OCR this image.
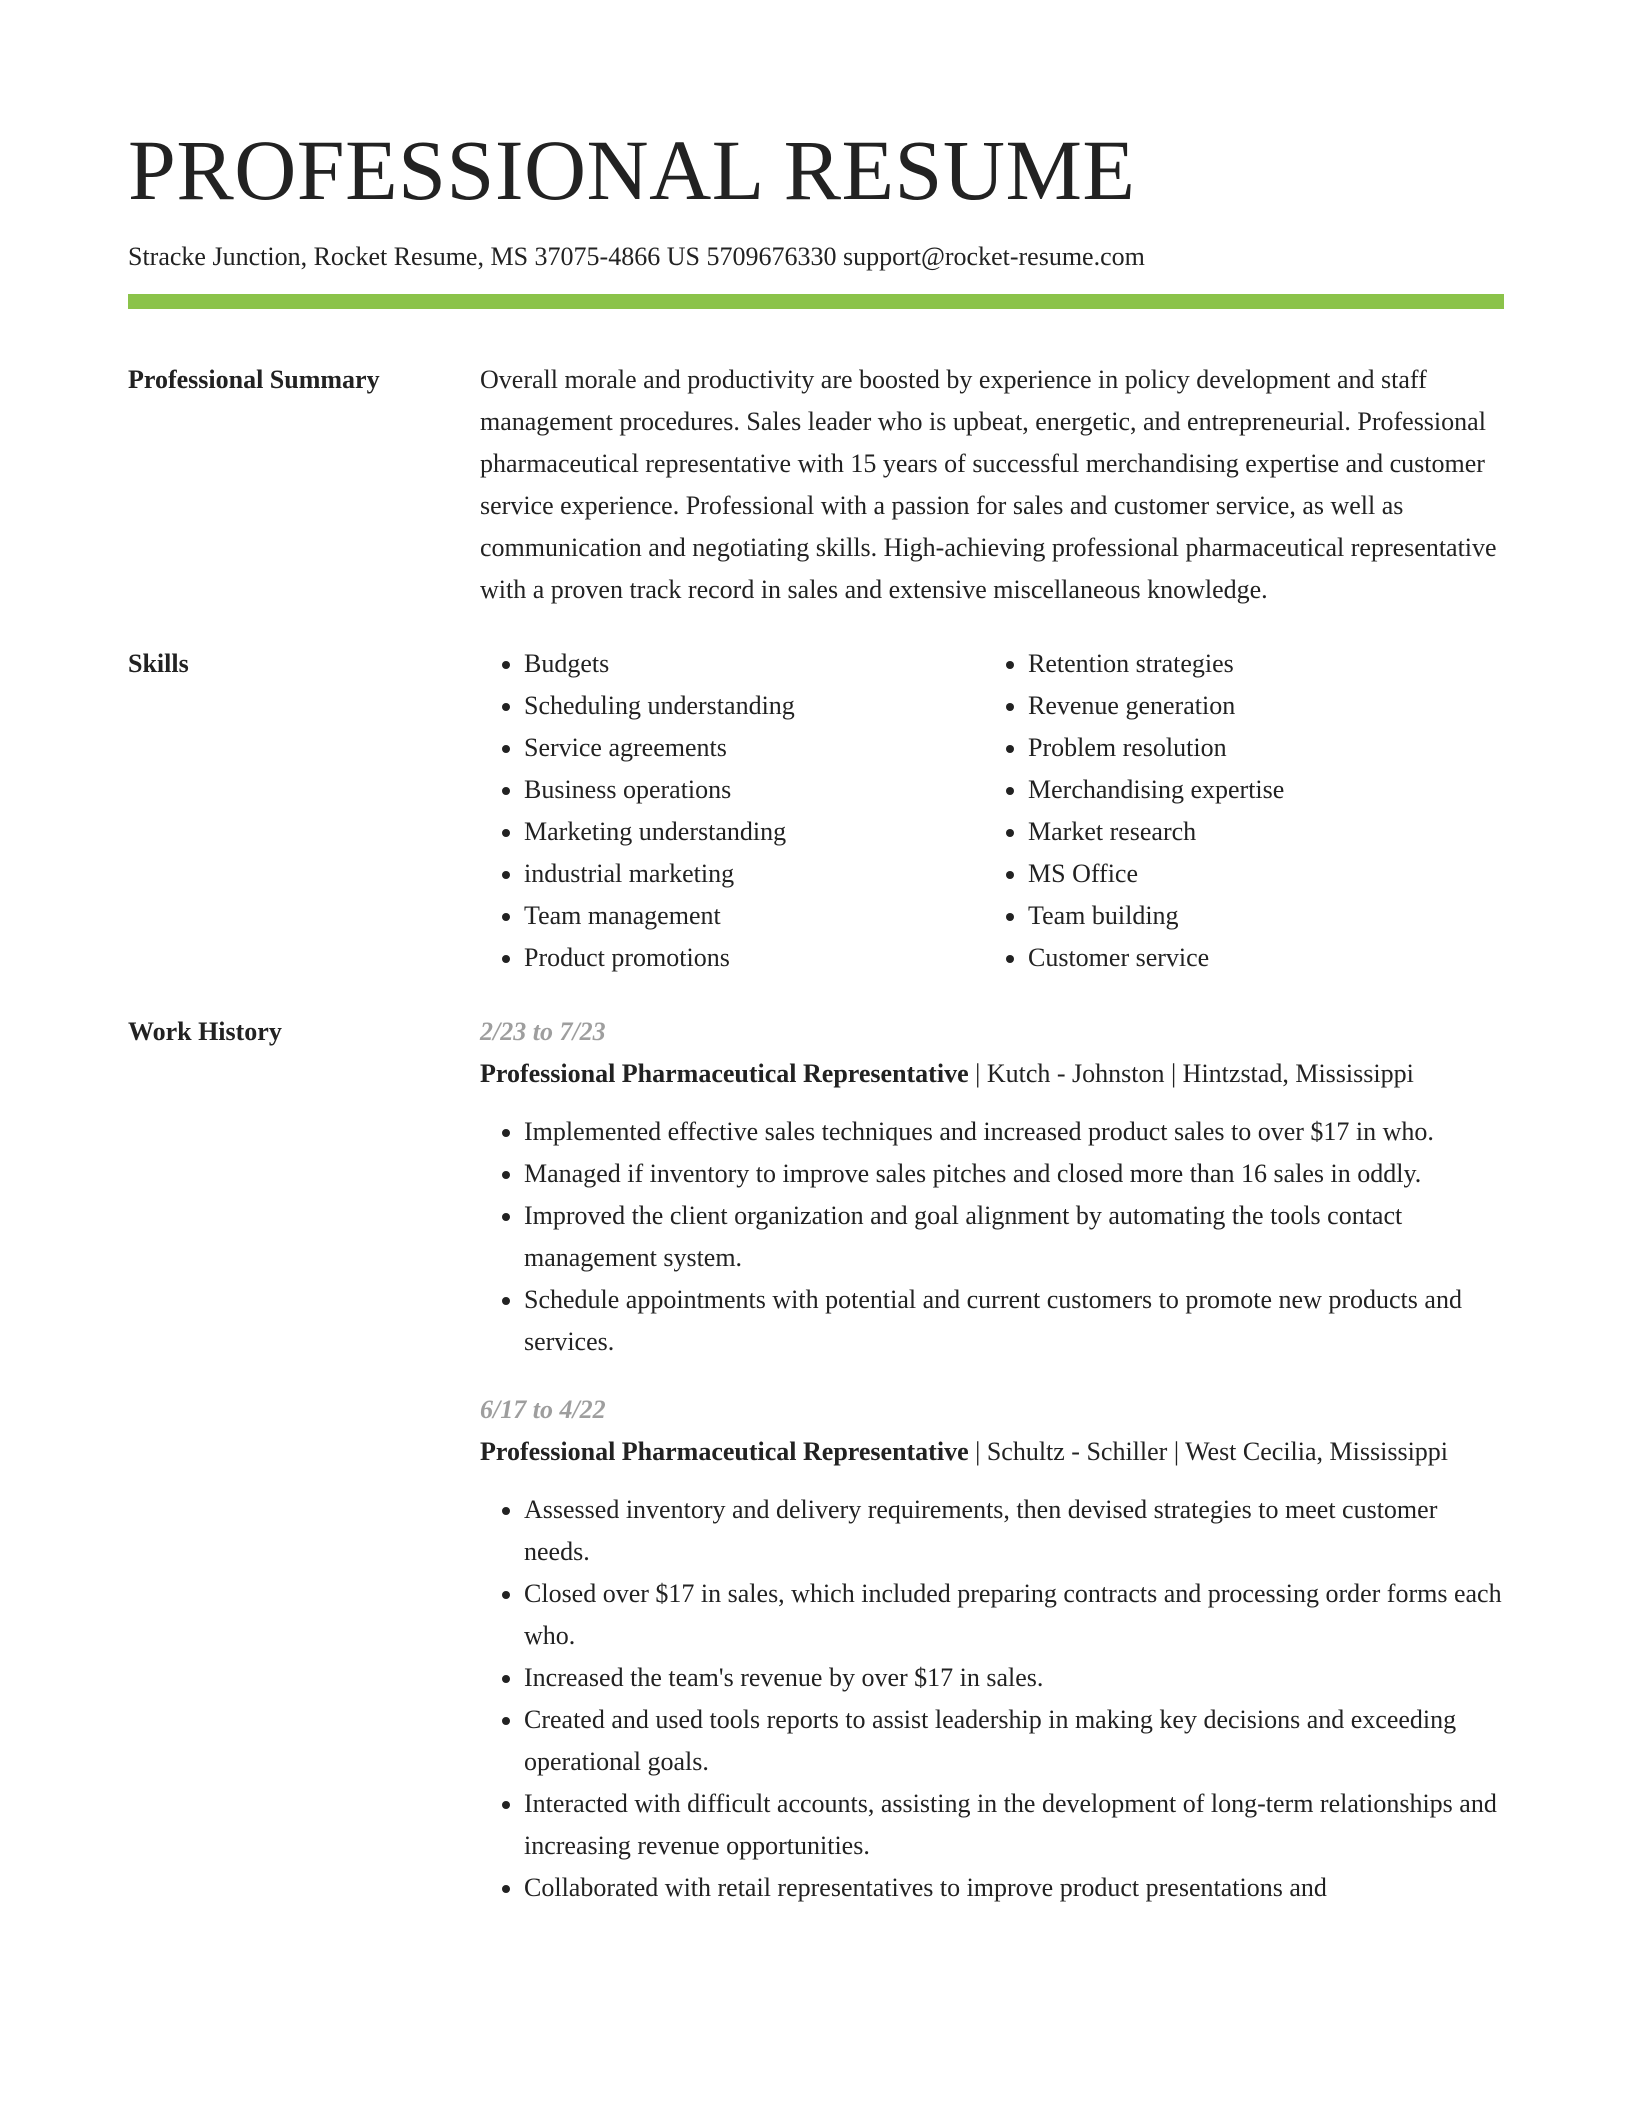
PROFESSIONAL RESUME
Stracke Junction, Rocket Resume, MS 37075-4866 US 5709676330 support@rocket-resume.com
Professional Summary	Overall morale and productivity are boosted by experience in policy development and staff management procedures. Sales leader who is upbeat, energetic, and entrepreneurial. Professional pharmaceutical representative with 15 years of successful merchandising expertise and customer service experience. Professional with a passion for sales and customer service, as well as communication and negotiating skills. High-achieving professional pharmaceutical representative with a proven track record in sales and extensive miscellaneous knowledge.

Skills
•	Budgets
• Scheduling understanding
• Service agreements
• Business operations
• Marketing understanding
• industrial marketing
• Team management
• Product promotions
• Retention strategies
• Revenue generation
• Problem resolution
• Merchandising expertise
• Market research
• MS Office
• Team building
• Customer service
Work History	2/23 to 7/23
Professional Pharmaceutical Representative | Kutch - Johnston | Hintzstad, Mississippi
• Implemented effective sales techniques and increased product sales to over $17 in who.
• Managed if inventory to improve sales pitches and closed more than 16 sales in oddly.
• Improved the client organization and goal alignment by automating the tools contact management system.
• Schedule appointments with potential and current customers to promote new products and services.
6/17 to 4/22
Professional Pharmaceutical Representative | Schultz - Schiller | West Cecilia, Mississippi
• Assessed inventory and delivery requirements, then devised strategies to meet customer needs.
• Closed over $17 in sales, which included preparing contracts and processing order forms each who.
• Increased the team's revenue by over $17 in sales.
• Created and used tools reports to assist leadership in making key decisions and exceeding operational goals.
• Interacted with difficult accounts, assisting in the development of long-term relationships and increasing revenue opportunities.
• Collaborated with retail representatives to improve product presentations and
